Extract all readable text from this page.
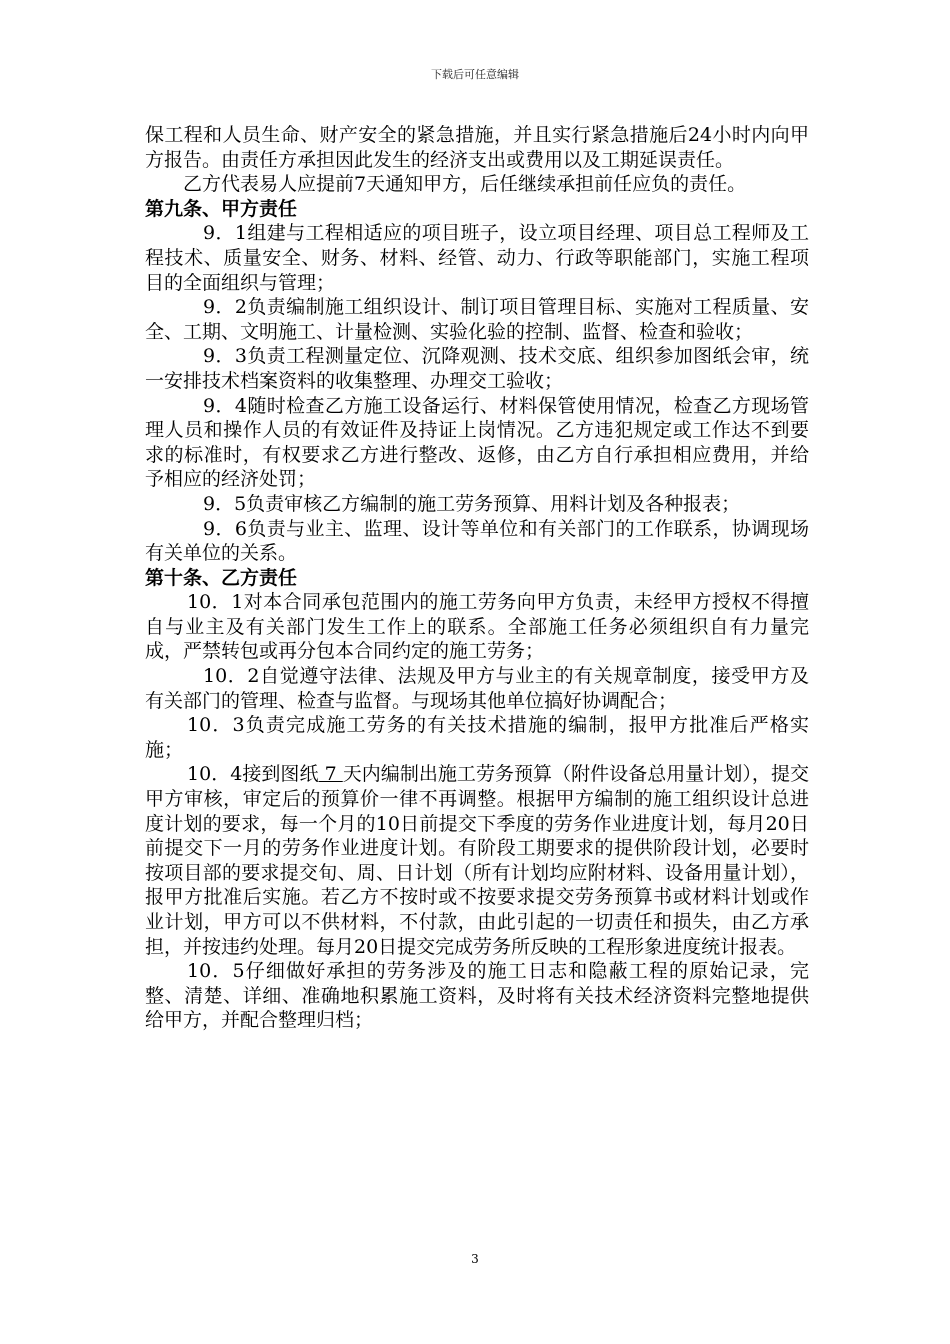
下载后可任意编辑

保工程和人员生命、财产安全的紧急措施，并且实行紧急措施后24小时内向甲方报告。由责任方承担因此发生的经济支出或费用以及工期延误责任。

乙方代表易人应提前7天通知甲方，后任继续承担前任应负的责任。

第九条、甲方责任

9．1组建与工程相适应的项目班子，设立项目经理、项目总工程师及工程技术、质量安全、财务、材料、经管、动力、行政等职能部门，实施工程项目的全面组织与管理；

9．2负责编制施工组织设计、制订项目管理目标、实施对工程质量、安全、工期、文明施工、计量检测、实验化验的控制、监督、检查和验收；

9．3负责工程测量定位、沉降观测、技术交底、组织参加图纸会审，统一安排技术档案资料的收集整理、办理交工验收；

9．4随时检查乙方施工设备运行、材料保管使用情况，检查乙方现场管理人员和操作人员的有效证件及持证上岗情况。乙方违犯规定或工作达不到要求的标准时，有权要求乙方进行整改、返修，由乙方自行承担相应费用，并给予相应的经济处罚；

9．5负责审核乙方编制的施工劳务预算、用料计划及各种报表；

9．6负责与业主、监理、设计等单位和有关部门的工作联系，协调现场有关单位的关系。

第十条、乙方责任

10．1对本合同承包范围内的施工劳务向甲方负责，未经甲方授权不得擅自与业主及有关部门发生工作上的联系。全部施工任务必须组织自有力量完成，严禁转包或再分包本合同约定的施工劳务；

10．2自觉遵守法律、法规及甲方与业主的有关规章制度，接受甲方及有关部门的管理、检查与监督。与现场其他单位搞好协调配合；

10．3负责完成施工劳务的有关技术措施的编制，报甲方批准后严格实施；

10．4接到图纸 7 天内编制出施工劳务预算（附件设备总用量计划），提交甲方审核，审定后的预算价一律不再调整。根据甲方编制的施工组织设计总进度计划的要求，每一个月的10日前提交下季度的劳务作业进度计划，每月20日前提交下一月的劳务作业进度计划。有阶段工期要求的提供阶段计划，必要时按项目部的要求提交旬、周、日计划（所有计划均应附材料、设备用量计划），报甲方批准后实施。若乙方不按时或不按要求提交劳务预算书或材料计划或作业计划，甲方可以不供材料，不付款，由此引起的一切责任和损失，由乙方承担，并按违约处理。每月20日提交完成劳务所反映的工程形象进度统计报表。

10．5仔细做好承担的劳务涉及的施工日志和隐蔽工程的原始记录，完整、清楚、详细、准确地积累施工资料，及时将有关技术经济资料完整地提供给甲方，并配合整理归档；

3
